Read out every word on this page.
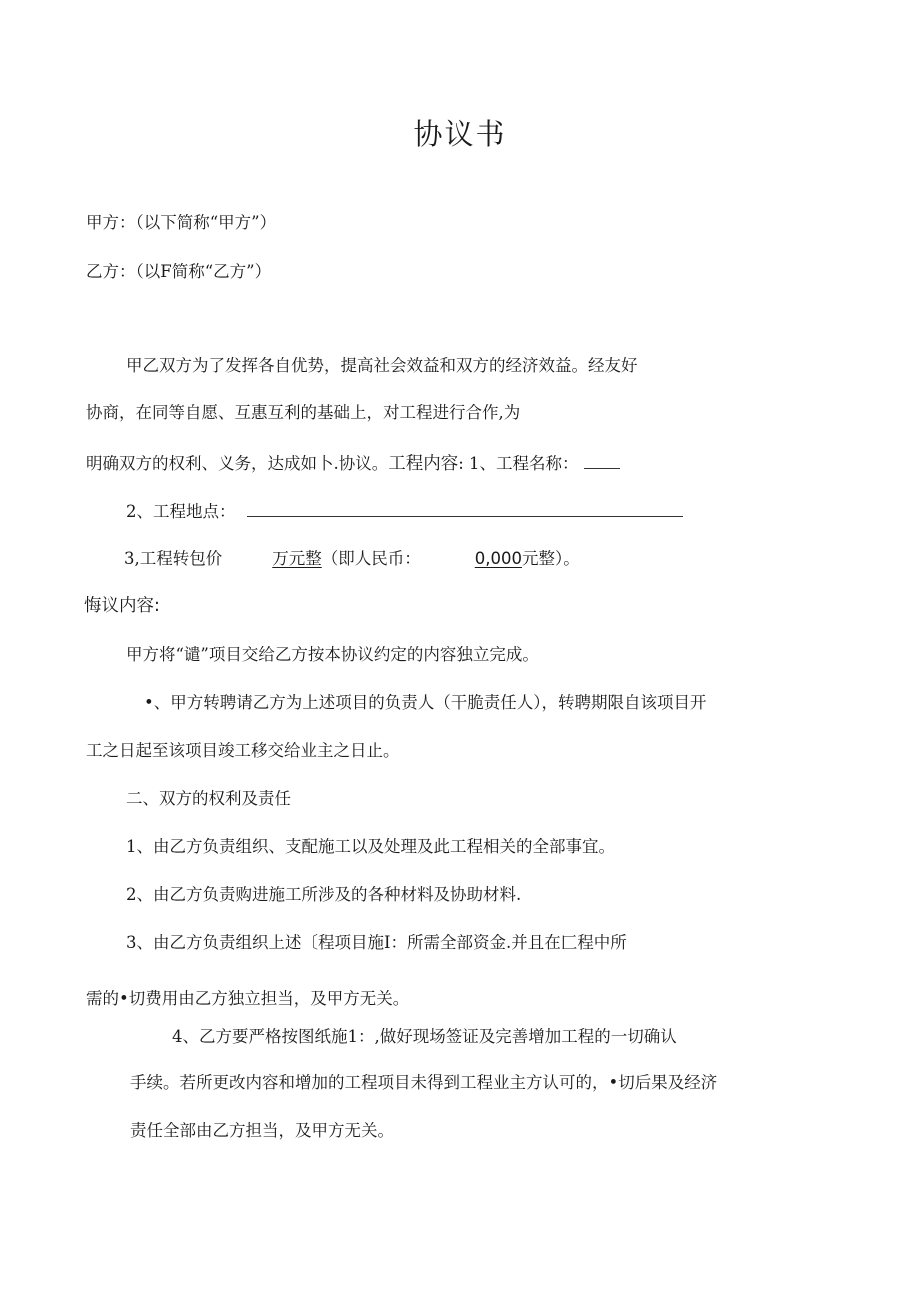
协议书
甲方：（以下简称“甲方”）
乙方：（以F简称“乙方”）
甲乙双方为了发挥各自优势，提高社会效益和双方的经济效益。经友好
协商，在同等自愿、互惠互利的基础上，对工程进行合作,为
明确双方的权利、义务，达成如卜.协议。工程内容: 1、工程名称：
2、工程地点：
3,工程转包价	万元整（即人民币：	0,000元整）。
悔议内容:
甲方将“谴”项目交给乙方按本协议约定的内容独立完成。
•、甲方转聘请乙方为上述项目的负责人（干脆责任人），转聘期限自该项目开
工之日起至该项目竣工移交给业主之日止。
二、双方的权利及责任
1、由乙方负责组织、支配施工以及处理及此工程相关的全部事宜。
2、由乙方负责购进施工所涉及的各种材料及协助材料.
3、由乙方负责组织上述〔程项目施I：所需全部资金.并且在匚程中所
需的•切费用由乙方独立担当，及甲方无关。
4、乙方要严格按图纸施1：,做好现场签证及完善增加工程的一切确认
手续。若所更改内容和增加的工程项目未得到工程业主方认可的，•切后果及经济
责任全部由乙方担当，及甲方无关。
